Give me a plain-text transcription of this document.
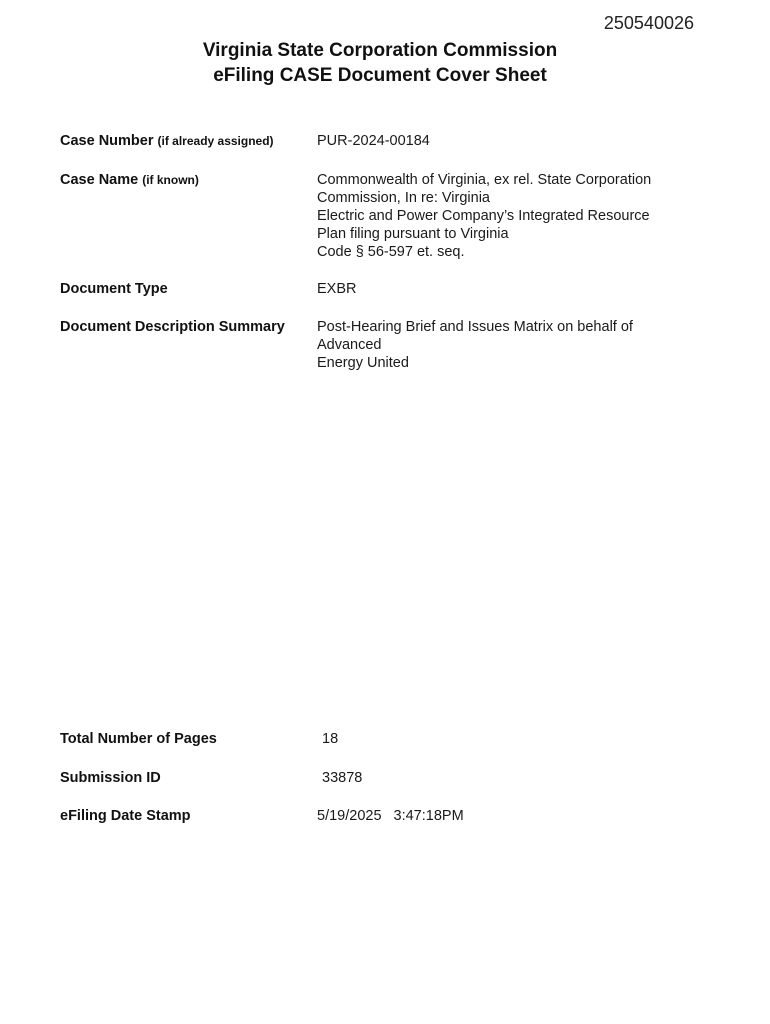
250540026
Virginia State Corporation Commission
eFiling CASE Document Cover Sheet
Case Number (if already assigned)	PUR-2024-00184
Case Name (if known)	Commonwealth of Virginia, ex rel. State Corporation
Commission, In re: Virginia
Electric and Power Company’s Integrated Resource
Plan filing pursuant to Virginia
Code § 56-597 et. seq.
Document Type	EXBR
Document Description Summary	Post-Hearing Brief and Issues Matrix on behalf of
Advanced
Energy United
Total Number of Pages	18
Submission ID	33878
eFiling Date Stamp	5/19/2025 3:47:18PM
